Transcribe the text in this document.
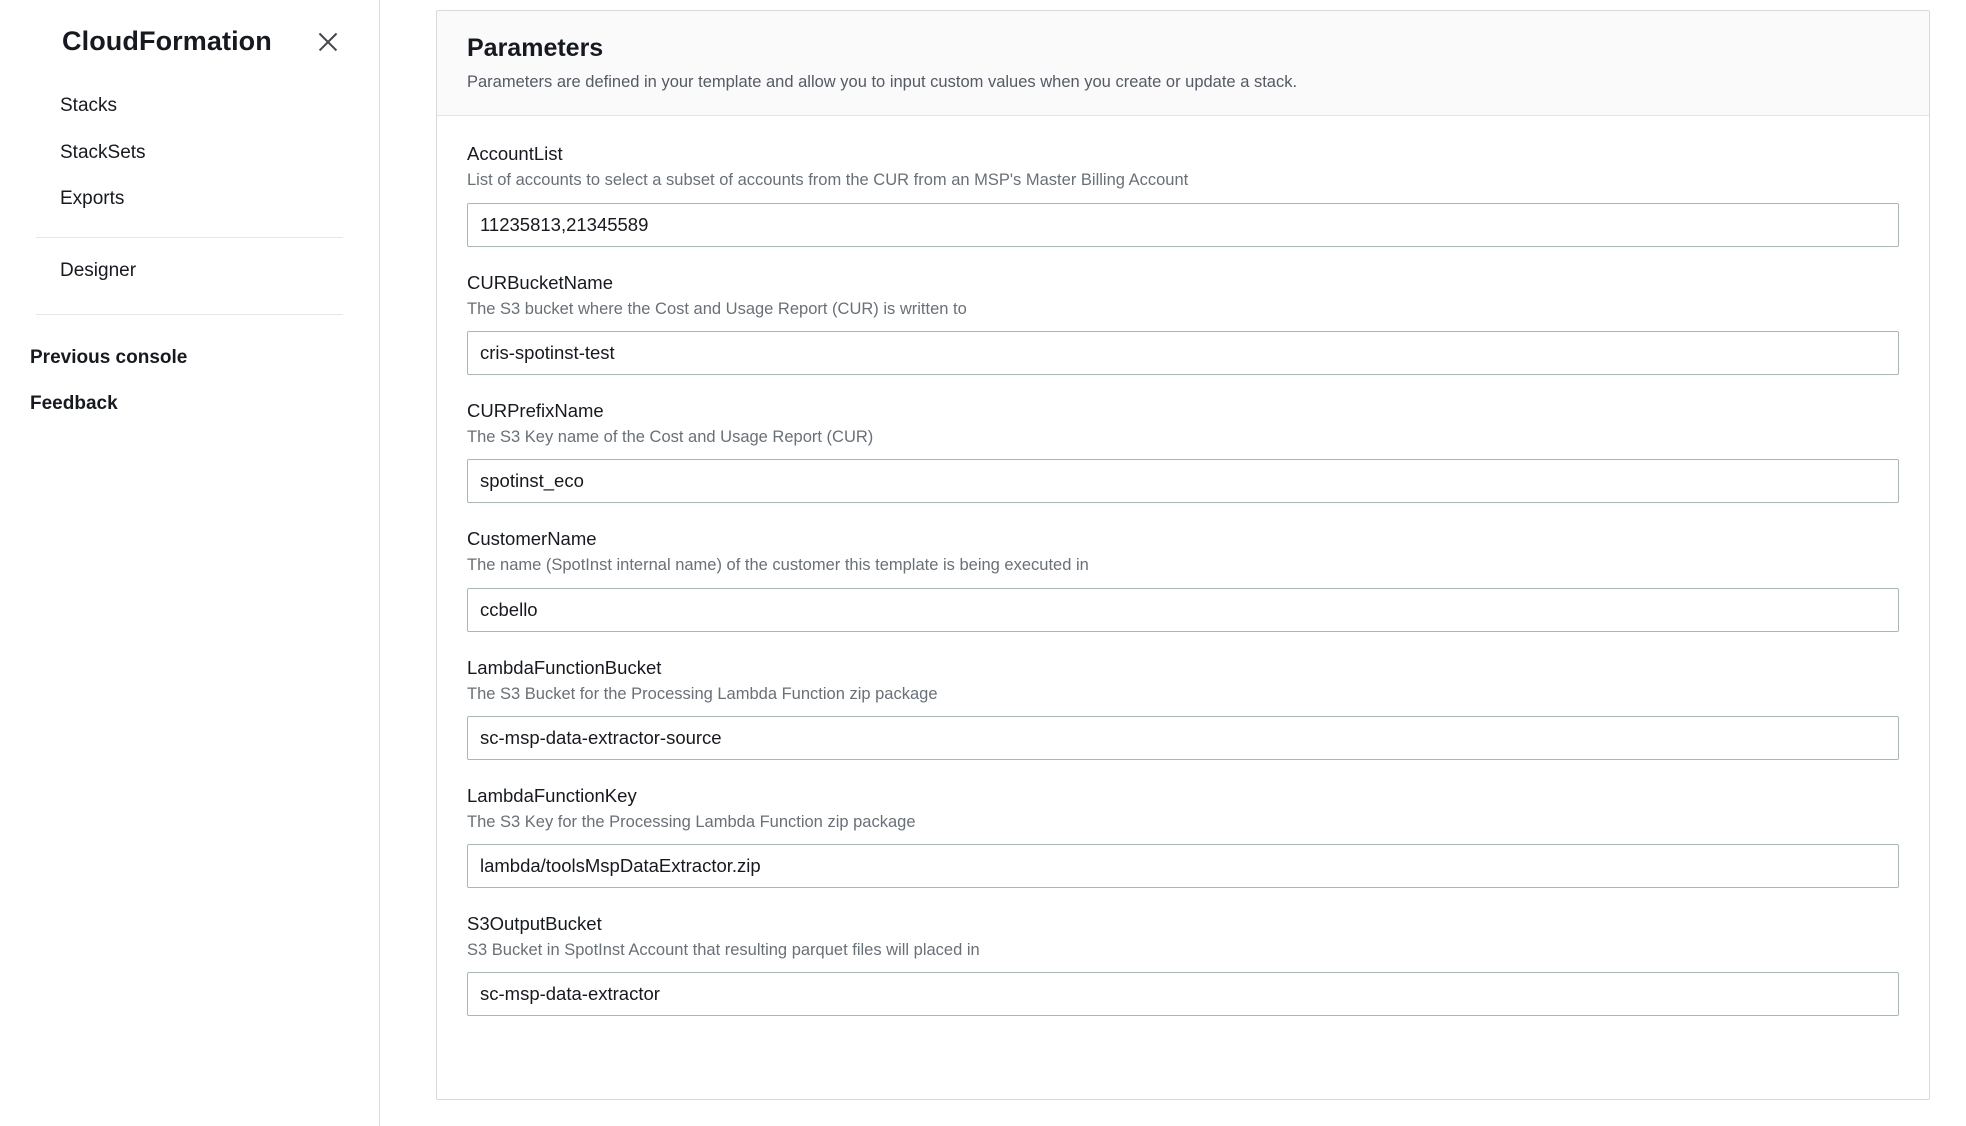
CloudFormation
Stacks
StackSets
Exports
Designer
Previous console
Feedback
Parameters
Parameters are defined in your template and allow you to input custom values when you create or update a stack.
AccountList
List of accounts to select a subset of accounts from the CUR from an MSP's Master Billing Account
11235813,21345589
CURBucketName
The S3 bucket where the Cost and Usage Report (CUR) is written to
cris-spotinst-test
CURPrefixName
The S3 Key name of the Cost and Usage Report (CUR)
spotinst_eco
CustomerName
The name (SpotInst internal name) of the customer this template is being executed in
ccbello
LambdaFunctionBucket
The S3 Bucket for the Processing Lambda Function zip package
sc-msp-data-extractor-source
LambdaFunctionKey
The S3 Key for the Processing Lambda Function zip package
lambda/toolsMspDataExtractor.zip
S3OutputBucket
S3 Bucket in SpotInst Account that resulting parquet files will placed in
sc-msp-data-extractor
